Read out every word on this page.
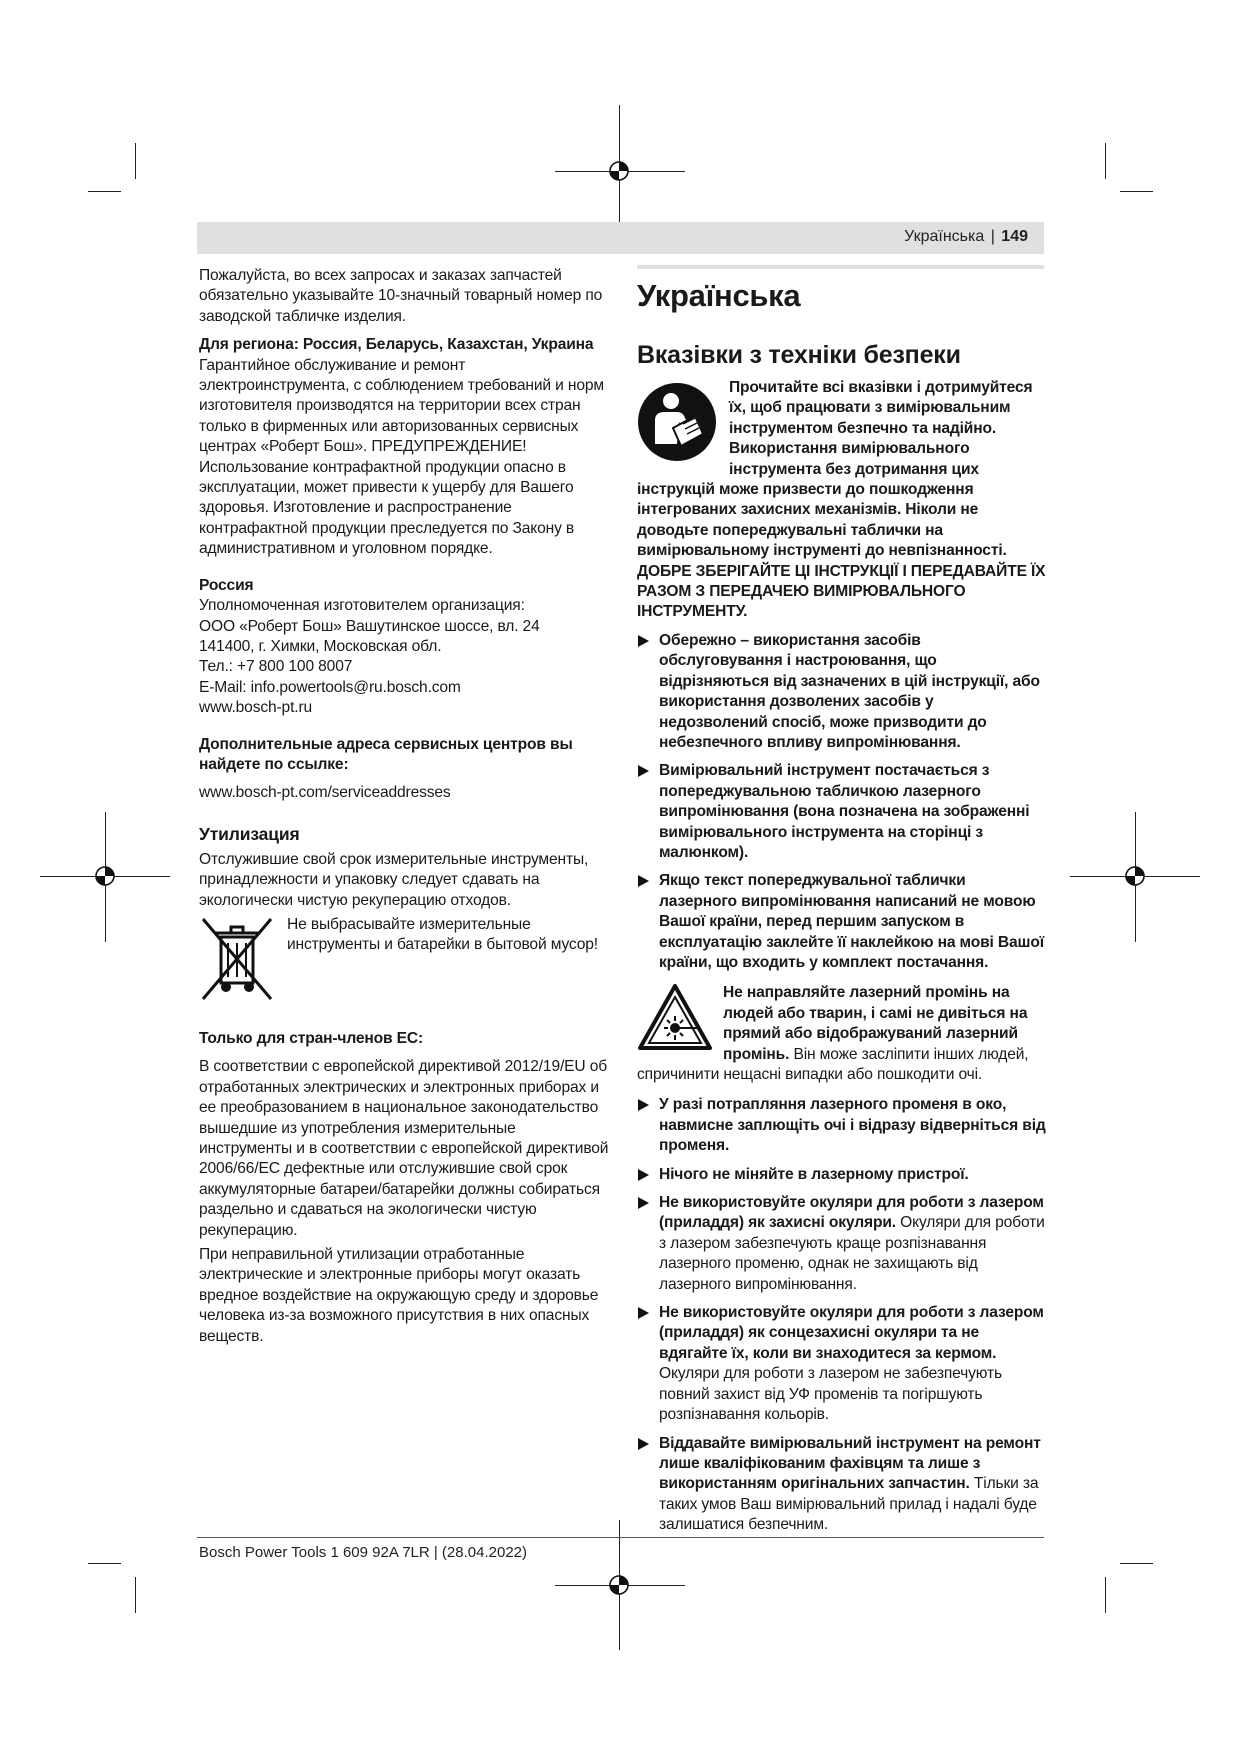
Українська | 149

Пожалуйста, во всех запросах и заказах запчастей обязательно указывайте 10-значный товарный номер по заводской табличке изделия.

Для региона: Россия, Беларусь, Казахстан, Украина

Гарантийное обслуживание и ремонт электроинструмента, с соблюдением требований и норм изготовителя производятся на территории всех стран только в фирменных или авторизованных сервисных центрах «Роберт Бош». ПРЕДУПРЕЖДЕНИЕ! Использование контрафактной продукции опасно в эксплуатации, может привести к ущербу для Вашего здоровья. Изготовление и распространение контрафактной продукции преследуется по Закону в административном и уголовном порядке.

Россия

Уполномоченная изготовителем организация:

ООО «Роберт Бош» Вашутинское шоссе, вл. 24

141400, г. Химки, Московская обл.

Тел.: +7 800 100 8007

E-Mail: info.powertools@ru.bosch.com

www.bosch-pt.ru

Дополнительные адреса сервисных центров вы найдете по ссылке:

www.bosch-pt.com/serviceaddresses

Утилизация

Отслужившие свой срок измерительные инструменты, принадлежности и упаковку следует сдавать на экологически чистую рекуперацию отходов.

Не выбрасывайте измерительные инструменты и батарейки в бытовой мусор!

Только для стран-членов ЕС:

В соответствии с европейской директивой 2012/19/EU об отработанных электрических и электронных приборах и ее преобразованием в национальное законодательство вышедшие из употребления измерительные инструменты и в соответствии с европейской директивой 2006/66/ЕС дефектные или отслужившие свой срок аккумуляторные батареи/батарейки должны собираться раздельно и сдаваться на экологически чистую рекуперацию.

При неправильной утилизации отработанные электрические и электронные приборы могут оказать вредное воздействие на окружающую среду и здоровье человека из-за возможного присутствия в них опасных веществ.

Українська
Вказівки з техніки безпеки

Прочитайте всі вказівки і дотримуйтеся їх, щоб працювати з вимірювальним інструментом безпечно та надійно. Використання вимірювального інструмента без дотримання цих інструкцій може призвести до пошкодження інтегрованих захисних механізмів. Ніколи не доводьте попереджувальні таблички на вимірювальному інструменті до невпізнанності. ДОБРЕ ЗБЕРІГАЙТЕ ЦІ ІНСТРУКЦІЇ І ПЕРЕДАВАЙТЕ ЇХ РАЗОМ З ПЕРЕДАЧЕЮ ВИМІРЮВАЛЬНОГО ІНСТРУМЕНТУ.

Обережно – використання засобів обслуговування і настроювання, що відрізняються від зазначених в цій інструкції, або використання дозволених засобів у недозволений спосіб, може призводити до небезпечного впливу випромінювання.
Вимірювальний інструмент постачається з попереджувальною табличкою лазерного випромінювання (вона позначена на зображенні вимірювального інструмента на сторінці з малюнком).
Якщо текст попереджувальної таблички лазерного випромінювання написаний не мовою Вашої країни, перед першим запуском в експлуатацію заклейте її наклейкою на мові Вашої країни, що входить у комплект постачання.

Не направляйте лазерний промінь на людей або тварин, і самі не дивіться на прямий або відображуваний лазерний промінь. Він може засліпити інших людей, спричинити нещасні випадки або пошкодити очі.

У разі потрапляння лазерного променя в око, навмисне заплющіть очі і відразу відверніться від променя.
Нічого не міняйте в лазерному пристрої.
Не використовуйте окуляри для роботи з лазером (приладдя) як захисні окуляри. Окуляри для роботи з лазером забезпечують краще розпізнавання лазерного променю, однак не захищають від лазерного випромінювання.
Не використовуйте окуляри для роботи з лазером (приладдя) як сонцезахисні окуляри та не вдягайте їх, коли ви знаходитеся за кермом. Окуляри для роботи з лазером не забезпечують повний захист від УФ променів та погіршують розпізнавання кольорів.
Віддавайте вимірювальний інструмент на ремонт лише кваліфікованим фахівцям та лише з використанням оригінальних запчастин. Тільки за таких умов Ваш вимірювальний прилад і надалі буде залишатися безпечним.
Bosch Power Tools 1 609 92A 7LR | (28.04.2022)
